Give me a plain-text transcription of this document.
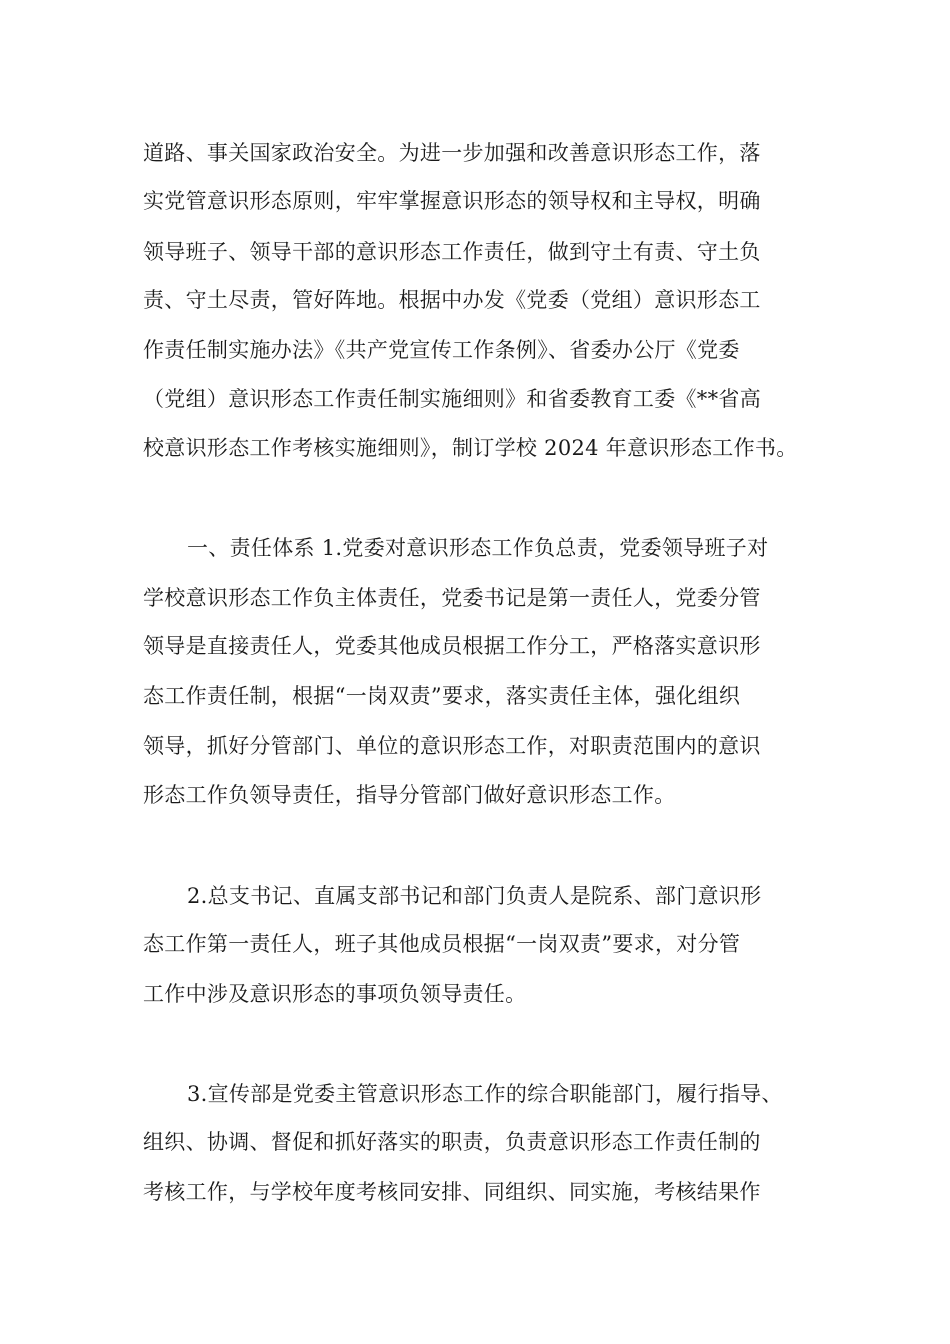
道路、事关国家政治安全。为进一步加强和改善意识形态工作，落

实党管意识形态原则，牢牢掌握意识形态的领导权和主导权，明确

领导班子、领导干部的意识形态工作责任，做到守土有责、守土负

责、守土尽责，管好阵地。根据中办发《党委（党组）意识形态工

作责任制实施办法》《共产党宣传工作条例》、省委办公厅《党委

（党组）意识形态工作责任制实施细则》和省委教育工委《**省高

校意识形态工作考核实施细则》，制订学校 2024 年意识形态工作书。

一、责任体系 1.党委对意识形态工作负总责，党委领导班子对

学校意识形态工作负主体责任，党委书记是第一责任人，党委分管

领导是直接责任人，党委其他成员根据工作分工，严格落实意识形

态工作责任制，根据“一岗双责”要求，落实责任主体，强化组织

领导，抓好分管部门、单位的意识形态工作，对职责范围内的意识

形态工作负领导责任，指导分管部门做好意识形态工作。

2.总支书记、直属支部书记和部门负责人是院系、部门意识形

态工作第一责任人，班子其他成员根据“一岗双责”要求，对分管

工作中涉及意识形态的事项负领导责任。

3.宣传部是党委主管意识形态工作的综合职能部门，履行指导、

组织、协调、督促和抓好落实的职责，负责意识形态工作责任制的

考核工作，与学校年度考核同安排、同组织、同实施，考核结果作
